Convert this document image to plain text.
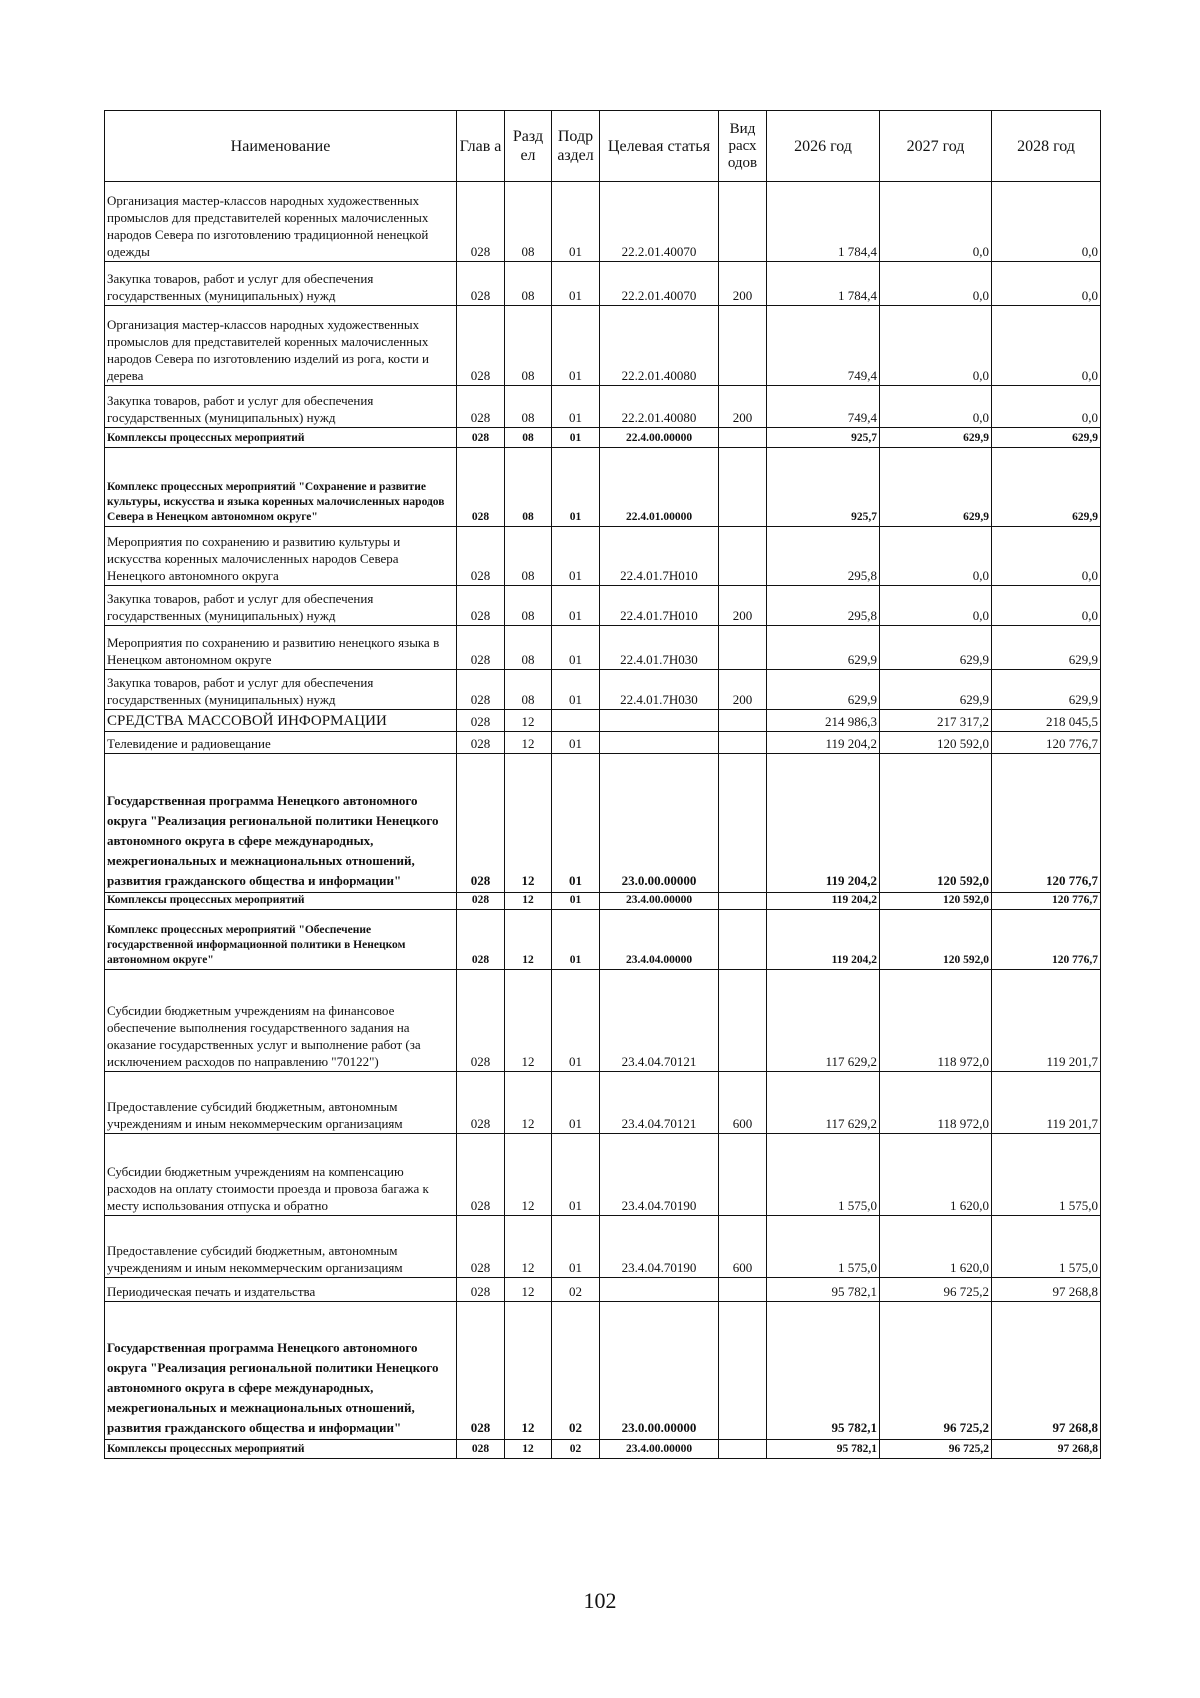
Наименование	Глав а	Разд ел	Подр аздел	Целевая статья	Вид расх одов	2026 год	2027 год	2028 год
Организация мастер-классов народных художественных промыслов для представителей коренных малочисленных народов Севера по изготовлению традиционной ненецкой одежды	028	08	01	22.2.01.40070		1 784,4	0,0	0,0
Закупка товаров, работ и услуг для обеспечения государственных (муниципальных) нужд	028	08	01	22.2.01.40070	200	1 784,4	0,0	0,0
Организация мастер-классов народных художественных промыслов для представителей коренных малочисленных народов Севера по изготовлению изделий из рога, кости и дерева	028	08	01	22.2.01.40080		749,4	0,0	0,0
Закупка товаров, работ и услуг для обеспечения государственных (муниципальных) нужд	028	08	01	22.2.01.40080	200	749,4	0,0	0,0
Комплексы процессных мероприятий	028	08	01	22.4.00.00000		925,7	629,9	629,9
Комплекс процессных мероприятий "Сохранение и развитие культуры, искусства и языка коренных малочисленных народов Севера в Ненецком автономном округе"	028	08	01	22.4.01.00000		925,7	629,9	629,9
Мероприятия по сохранению и развитию культуры и искусства коренных малочисленных народов Севера Ненецкого автономного округа	028	08	01	22.4.01.7Н010		295,8	0,0	0,0
Закупка товаров, работ и услуг для обеспечения государственных (муниципальных) нужд	028	08	01	22.4.01.7Н010	200	295,8	0,0	0,0
Мероприятия по сохранению и развитию ненецкого языка в Ненецком автономном округе	028	08	01	22.4.01.7Н030		629,9	629,9	629,9
Закупка товаров, работ и услуг для обеспечения государственных (муниципальных) нужд	028	08	01	22.4.01.7Н030	200	629,9	629,9	629,9
СРЕДСТВА МАССОВОЙ ИНФОРМАЦИИ	028	12				214 986,3	217 317,2	218 045,5
Телевидение и радиовещание	028	12	01			119 204,2	120 592,0	120 776,7
Государственная программа Ненецкого автономного округа "Реализация региональной политики Ненецкого автономного округа в сфере международных, межрегиональных и межнациональных отношений, развития гражданского общества и информации"	028	12	01	23.0.00.00000		119 204,2	120 592,0	120 776,7
Комплексы процессных мероприятий	028	12	01	23.4.00.00000		119 204,2	120 592,0	120 776,7
Комплекс процессных мероприятий "Обеспечение государственной информационной политики в Ненецком автономном округе"	028	12	01	23.4.04.00000		119 204,2	120 592,0	120 776,7
Субсидии бюджетным учреждениям на финансовое обеспечение выполнения государственного задания на оказание государственных услуг и выполнение работ (за исключением расходов по направлению "70122")	028	12	01	23.4.04.70121		117 629,2	118 972,0	119 201,7
Предоставление субсидий бюджетным, автономным учреждениям и иным некоммерческим организациям	028	12	01	23.4.04.70121	600	117 629,2	118 972,0	119 201,7
Субсидии бюджетным учреждениям на компенсацию расходов на оплату стоимости проезда и провоза багажа к месту использования отпуска и обратно	028	12	01	23.4.04.70190		1 575,0	1 620,0	1 575,0
Предоставление субсидий бюджетным, автономным учреждениям и иным некоммерческим организациям	028	12	01	23.4.04.70190	600	1 575,0	1 620,0	1 575,0
Периодическая печать и издательства	028	12	02			95 782,1	96 725,2	97 268,8
Государственная программа Ненецкого автономного округа "Реализация региональной политики Ненецкого автономного округа в сфере международных, межрегиональных и межнациональных отношений, развития гражданского общества и информации"	028	12	02	23.0.00.00000		95 782,1	96 725,2	97 268,8
Комплексы процессных мероприятий	028	12	02	23.4.00.00000		95 782,1	96 725,2	97 268,8
102
